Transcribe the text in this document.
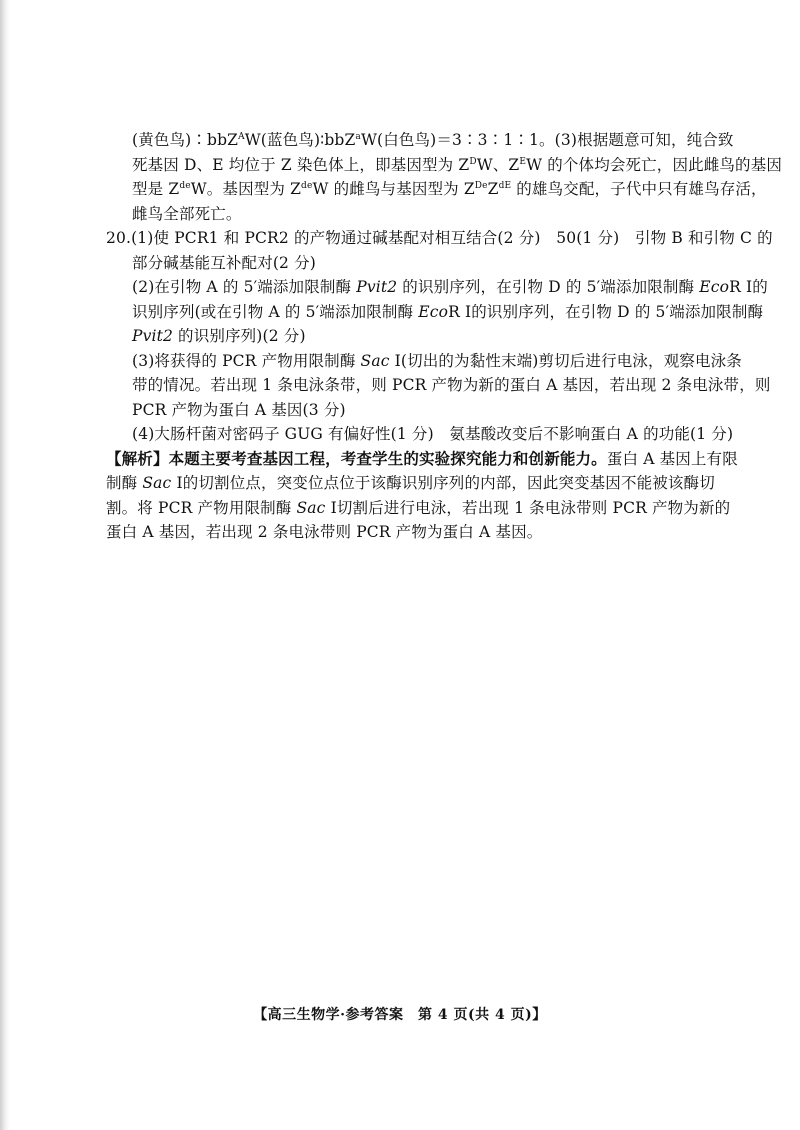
(黄色鸟)∶bbZ$^A$W(蓝色鸟)∶bbZ$^a$W(白色鸟)＝3∶3∶1∶1。(3)根据题意可知，纯合致
死基因 D、E 均位于 Z 染色体上，即基因型为 $Z^DW$、$Z^EW$ 的个体均会死亡，因此雌鸟的基因
型是 $Z^{de}W$。基因型为 $Z^{de}W$ 的雌鸟与基因型为 $Z^{De}Z^{dE}$ 的雄鸟交配，子代中只有雄鸟存活，
雌鸟全部死亡。
20.(1)使 PCR1 和 PCR2 的产物通过碱基配对相互结合(2 分)　50(1 分)　引物 B 和引物 C 的
部分碱基能互补配对(2 分)
(2)在引物 A 的 5′端添加限制酶 Pvit2 的识别序列，在引物 D 的 5′端添加限制酶 EcoR Ⅰ的
识别序列(或在引物 A 的 5′端添加限制酶 EcoR Ⅰ的识别序列，在引物 D 的 5′端添加限制酶
Pvit2 的识别序列)(2 分)
(3)将获得的 PCR 产物用限制酶 Sac Ⅰ(切出的为黏性末端)剪切后进行电泳，观察电泳条
带的情况。若出现 1 条电泳条带，则 PCR 产物为新的蛋白 A 基因，若出现 2 条电泳带，则
PCR 产物为蛋白 A 基因(3 分)
(4)大肠杆菌对密码子 GUG 有偏好性(1 分)　氨基酸改变后不影响蛋白 A 的功能(1 分)
【解析】本题主要考查基因工程，考查学生的实验探究能力和创新能力。蛋白 A 基因上有限
制酶 Sac Ⅰ的切割位点，突变位点位于该酶识别序列的内部，因此突变基因不能被该酶切
割。将 PCR 产物用限制酶 Sac Ⅰ切割后进行电泳，若出现 1 条电泳带则 PCR 产物为新的
蛋白 A 基因，若出现 2 条电泳带则 PCR 产物为蛋白 A 基因。
【高三生物学·参考答案　第 4 页(共 4 页)】
